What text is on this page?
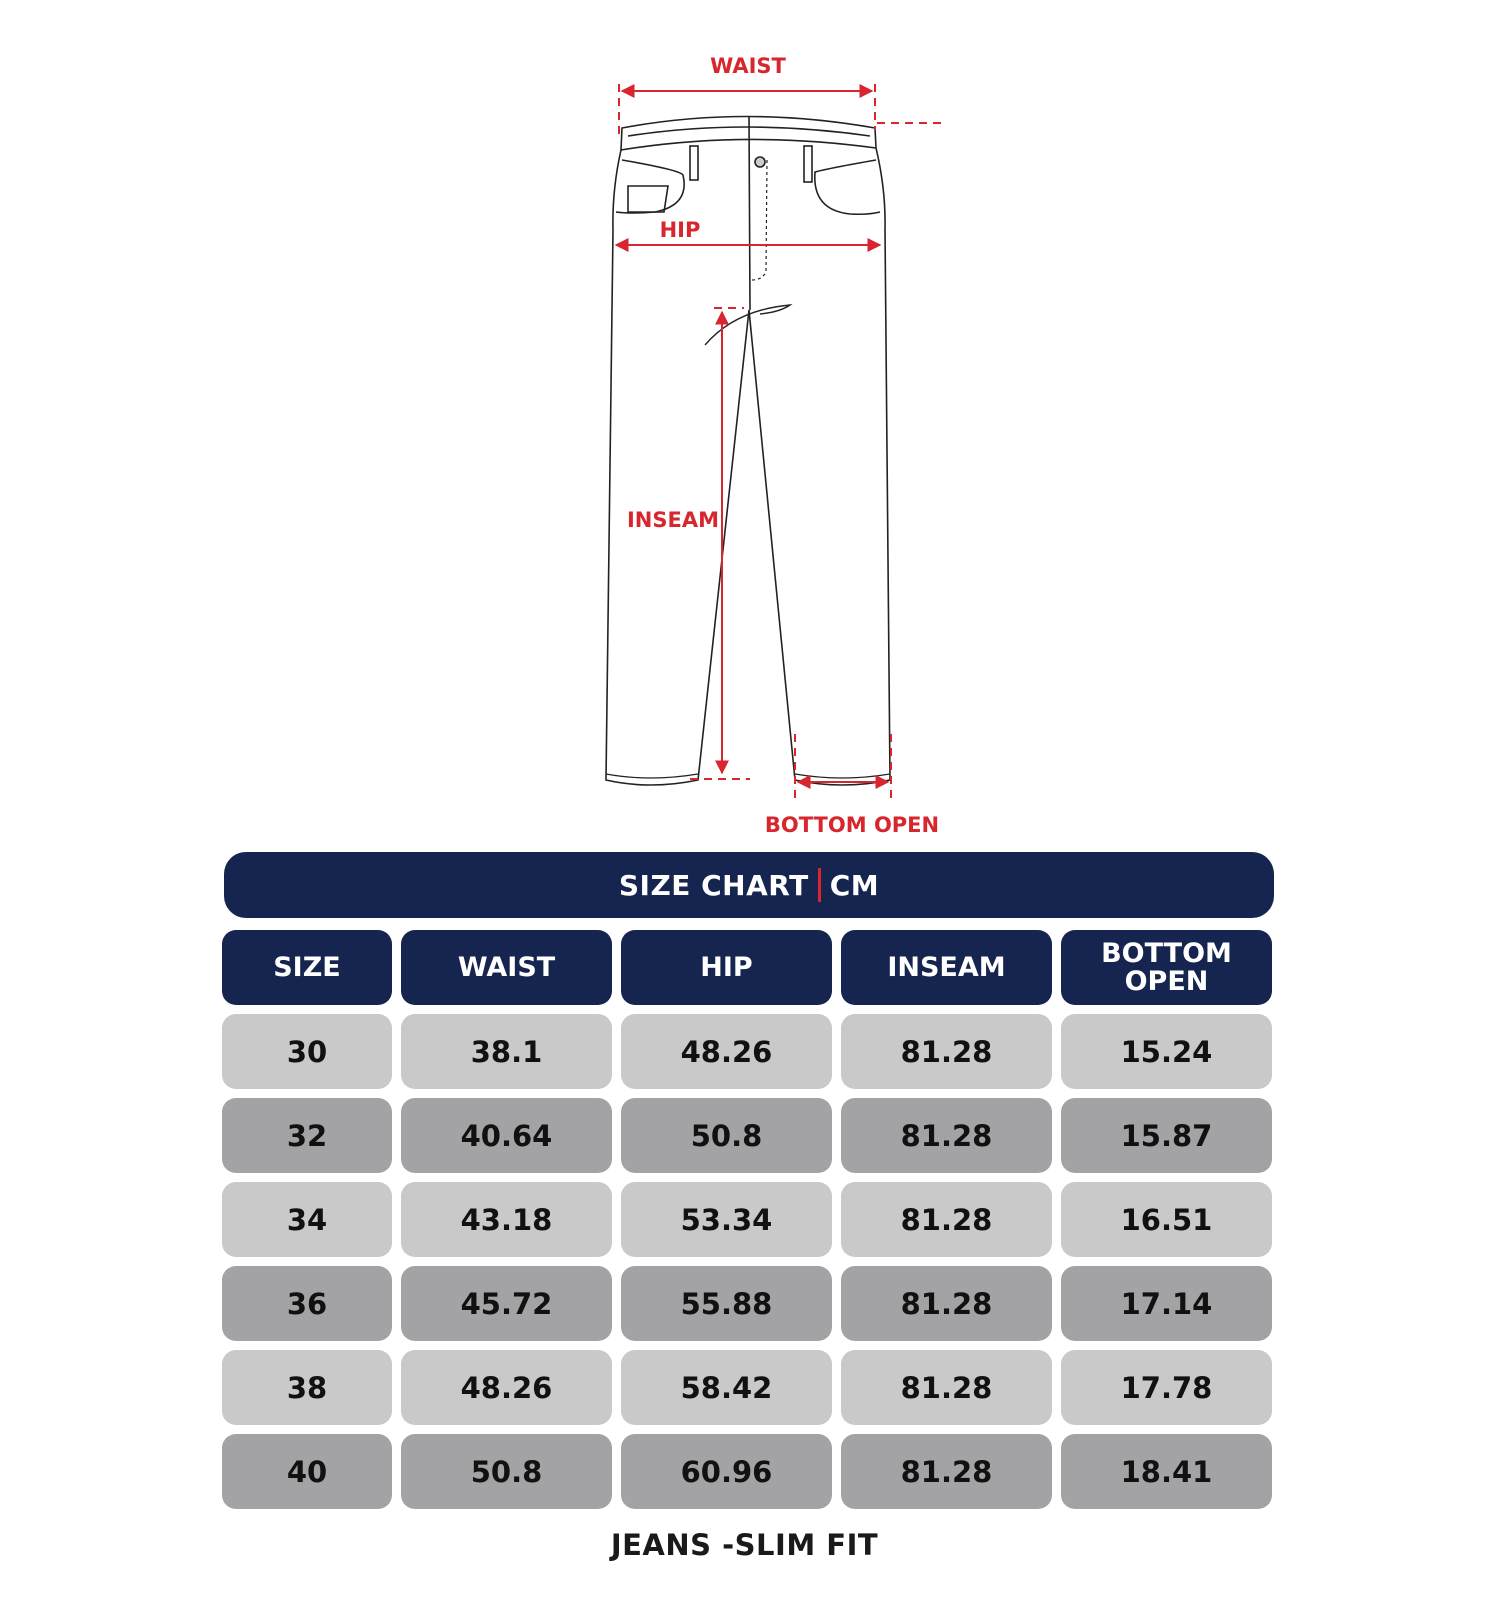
WAIST
HIP
INSEAM
BOTTOM OPEN
SIZE CHART CM
SIZE	WAIST	HIP	INSEAM	BOTTOM OPEN
30	38.1	48.26	81.28	15.24
32	40.64	50.8	81.28	15.87
34	43.18	53.34	81.28	16.51
36	45.72	55.88	81.28	17.14
38	48.26	58.42	81.28	17.78
40	50.8	60.96	81.28	18.41
JEANS -SLIM FIT
